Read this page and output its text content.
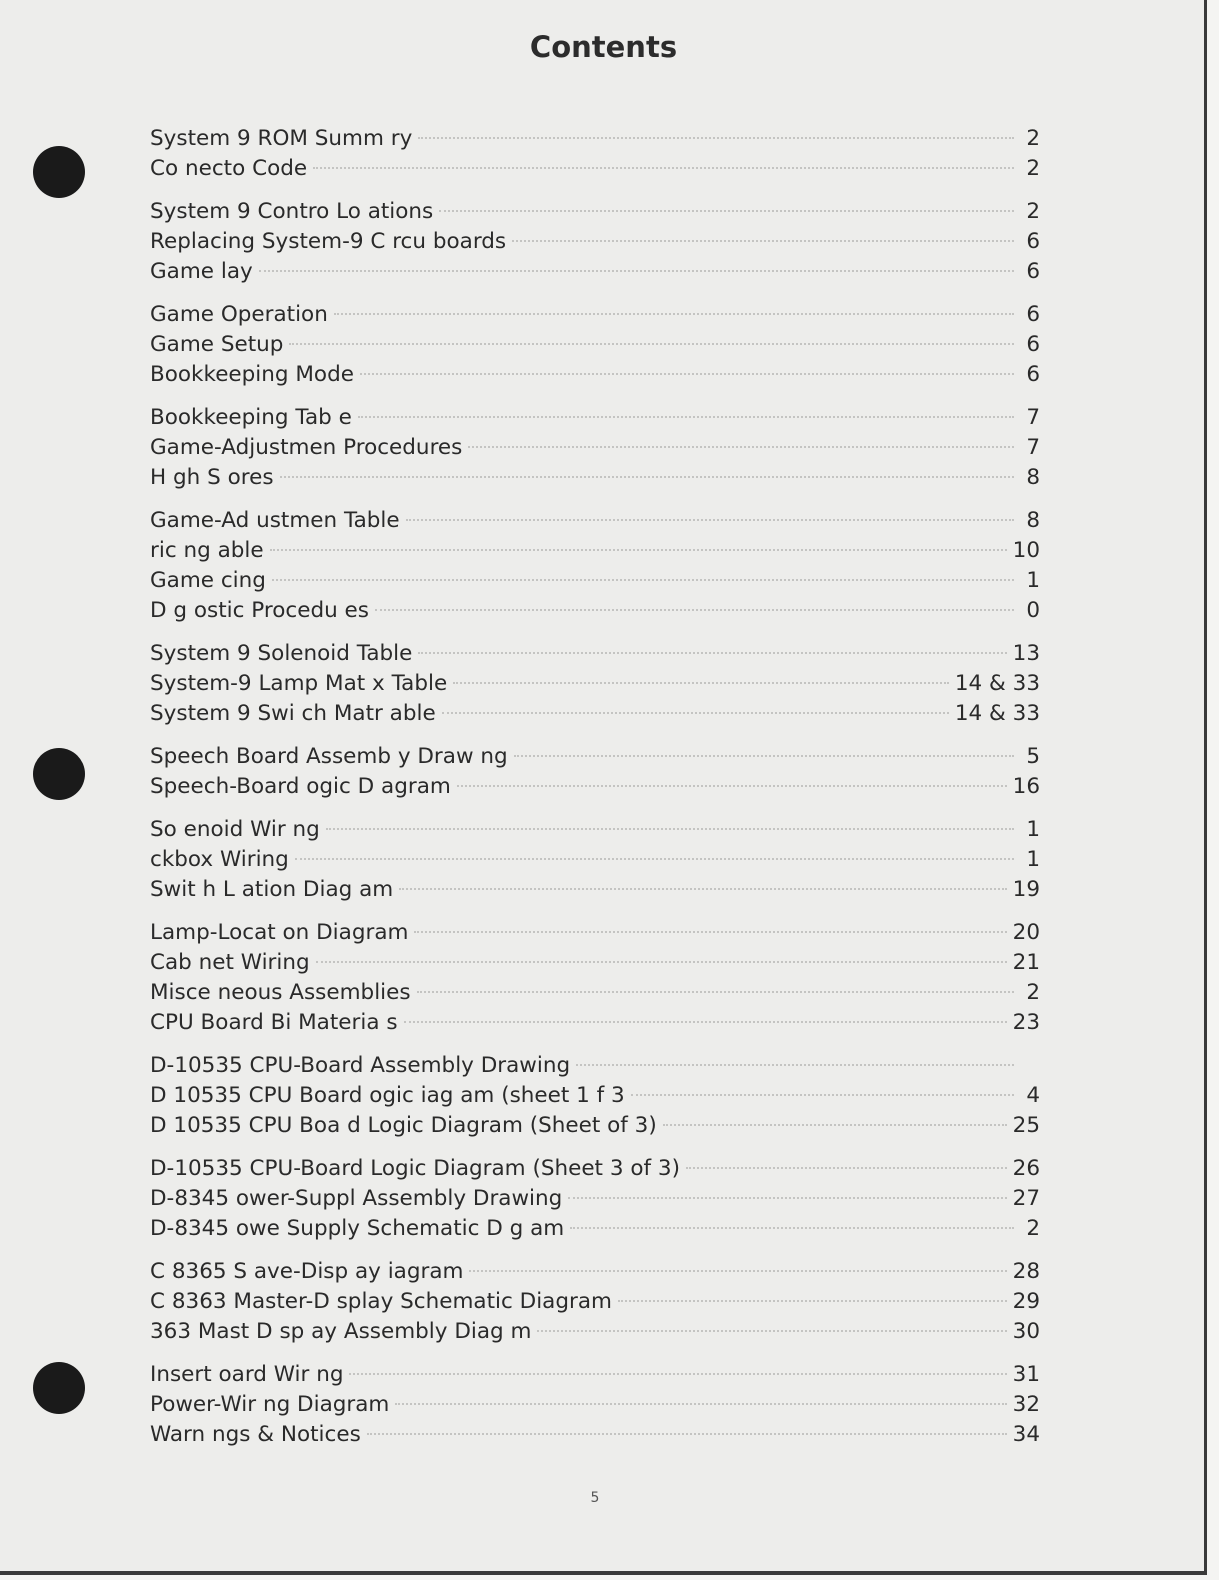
Contents
System 9 ROM Summ ry	2
Co necto Code	2
System 9 Contro Lo ations	2
Replacing System-9 C rcu boards	6
Game lay	6
Game Operation	6
Game Setup	6
Bookkeeping Mode	6
Bookkeeping Tab e	7
Game-Adjustmen Procedures	7
H gh S ores	8
Game-Ad ustmen Table	8
ric ng able	10
Game cing	1
D g ostic Procedu es	0
System 9 Solenoid Table	13
System-9 Lamp Mat x Table	14 & 33
System 9 Swi ch Matr able	14 & 33
Speech Board Assemb y Draw ng	5
Speech-Board ogic D agram	16
So enoid Wir ng	1
ckbox Wiring	1
Swit h L ation Diag am	19
Lamp-Locat on Diagram	20
Cab net Wiring	21
Misce neous Assemblies	2
CPU Board Bi Materia s	23
D-10535 CPU-Board Assembly Drawing
D 10535 CPU Board ogic iag am (sheet 1 f 3	4
D 10535 CPU Boa d Logic Diagram (Sheet of 3)	25
D-10535 CPU-Board Logic Diagram (Sheet 3 of 3)	26
D-8345 ower-Suppl Assembly Drawing	27
D-8345 owe Supply Schematic D g am	2
C 8365 S ave-Disp ay iagram	28
C 8363 Master-D splay Schematic Diagram	29
363 Mast D sp ay Assembly Diag m	30
Insert oard Wir ng	31
Power-Wir ng Diagram	32
Warn ngs & Notices	34
5
